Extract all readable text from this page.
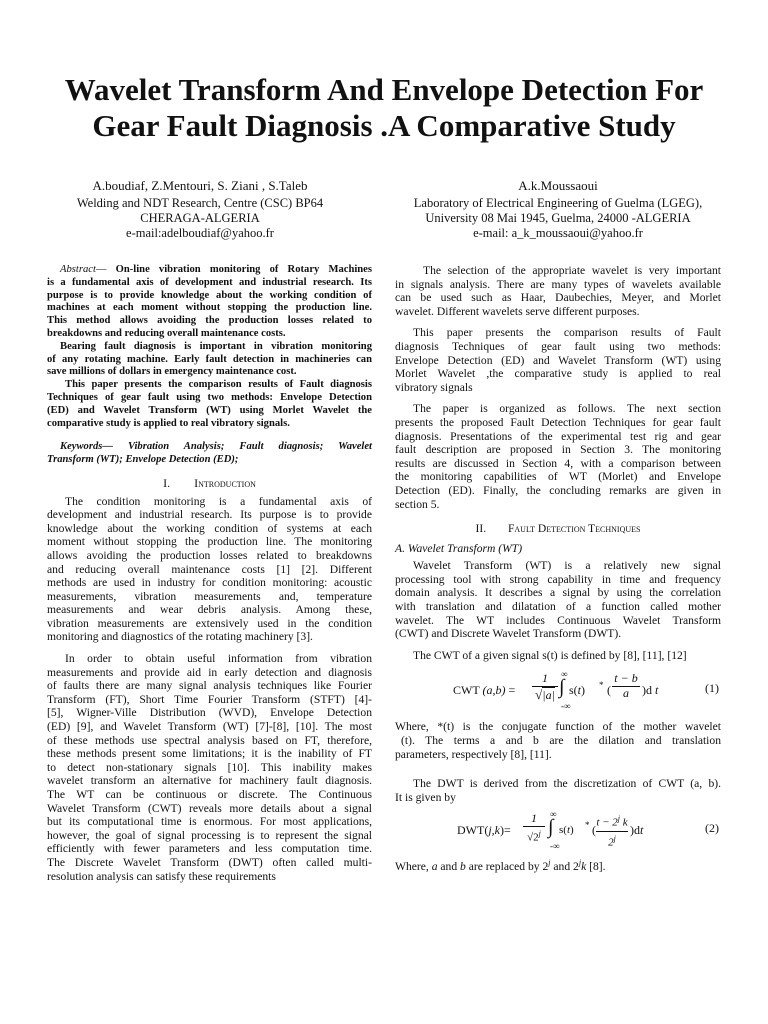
Wavelet Transform And Envelope Detection For
Gear Fault Diagnosis .A Comparative Study
A.boudiaf, Z.Mentouri, S. Ziani , S.Taleb
Welding and NDT Research, Centre (CSC) BP64
CHERAGA-ALGERIA
e-mail:adelboudiaf@yahoo.fr
A.k.Moussaoui
Laboratory of Electrical Engineering of Guelma (LGEG),
University 08 Mai 1945, Guelma, 24000 -ALGERIA
e-mail: a_k_moussaoui@yahoo.fr

Abstract— On-line vibration monitoring of Rotary Machines

is a fundamental axis of development and industrial research. Its

purpose is to provide knowledge about the working condition of

machines at each moment without stopping the production line.

This method allows avoiding the production losses related to

breakdowns and reducing overall maintenance costs.

Bearing fault diagnosis is important in vibration monitoring

of any rotating machine. Early fault detection in machineries can

save millions of dollars in emergency maintenance cost.

This paper presents the comparison results of Fault diagnosis

Techniques of gear fault using two methods: Envelope Detection

(ED) and Wavelet Transform (WT) using Morlet Wavelet the

comparative study is applied to real vibratory signals.

Keywords— Vibration Analysis; Fault diagnosis; Wavelet

Transform (WT); Envelope Detection (ED);

I. Introduction

The condition monitoring is a fundamental axis of

development and industrial research. Its purpose is to provide

knowledge about the working condition of systems at each

moment without stopping the production line. The monitoring

allows avoiding the production losses related to breakdowns

and reducing overall maintenance costs [1] [2]. Different

methods are used in industry for condition monitoring: acoustic

measurements, vibration measurements and, temperature

measurements and wear debris analysis. Among these,

vibration measurements are extensively used in the condition

monitoring and diagnostics of the rotating machinery [3].

In order to obtain useful information from vibration

measurements and provide aid in early detection and diagnosis

of faults there are many signal analysis techniques like Fourier

Transform (FT), Short Time Fourier Transform (STFT) [4]-

[5], Wigner-Ville Distribution (WVD), Envelope Detection

(ED) [9], and Wavelet Transform (WT) [7]-[8], [10]. The most

of these methods use spectral analysis based on FT, therefore,

these methods present some limitations; it is the inability of FT

to detect non-stationary signals [10]. This inability makes

wavelet transform an alternative for machinery fault diagnosis.

The WT can be continuous or discrete. The Continuous

Wavelet Transform (CWT) reveals more details about a signal

but its computational time is enormous. For most applications,

however, the goal of signal processing is to represent the signal

efficiently with fewer parameters and less computation time.

The Discrete Wavelet Transform (DWT) often called multi-

resolution analysis can satisfy these requirements

The selection of the appropriate wavelet is very important

in signals analysis. There are many types of wavelets available

can be used such as Haar, Daubechies, Meyer, and Morlet

wavelet. Different wavelets serve different purposes.

This paper presents the comparison results of Fault

diagnosis Techniques of gear fault using two methods:

Envelope Detection (ED) and Wavelet Transform (WT) using

Morlet Wavelet ,the comparative study is applied to real

vibratory signals

The paper is organized as follows. The next section

presents the proposed Fault Detection Techniques for gear fault

diagnosis. Presentations of the experimental test rig and gear

fault description are proposed in Section 3. The monitoring

results are discussed in Section 4, with a comparison between

the monitoring capabilities of WT (Morlet) and Envelope

Detection (ED). Finally, the concluding remarks are given in

section 5.

II. Fault Detection Techniques
A. Wavelet Transform (WT)

Wavelet Transform (WT) is a relatively new signal

processing tool with strong capability in time and frequency

domain analysis. It describes a signal by using the correlation

with translation and dilatation of a function called mother

wavelet. The WT includes Continuous Wavelet Transform

(CWT) and Discrete Wavelet Transform (DWT).

The CWT of a given signal s(t) is defined by [8], [11], [12]

CWT (a,b) =
1
√|a|
∞
∫
-∞
s(t) * ( $\frac{t - b}{a} )d$ t	(1)

Where, *(t) is the conjugate function of the mother wavelet

(t). The terms a and b are the dilation and translation

parameters, respectively [8], [11].

The DWT is derived from the discretization of CWT (a, b).

It is given by

DWT(j,k)=
1
√2$^j$
∞
∫
-∞
s(t) * (
$t - 2^j$ k
2$^j$
)dt	(2)

Where, a and b are replaced by 2$^j$ and 2$^j$k [8].
